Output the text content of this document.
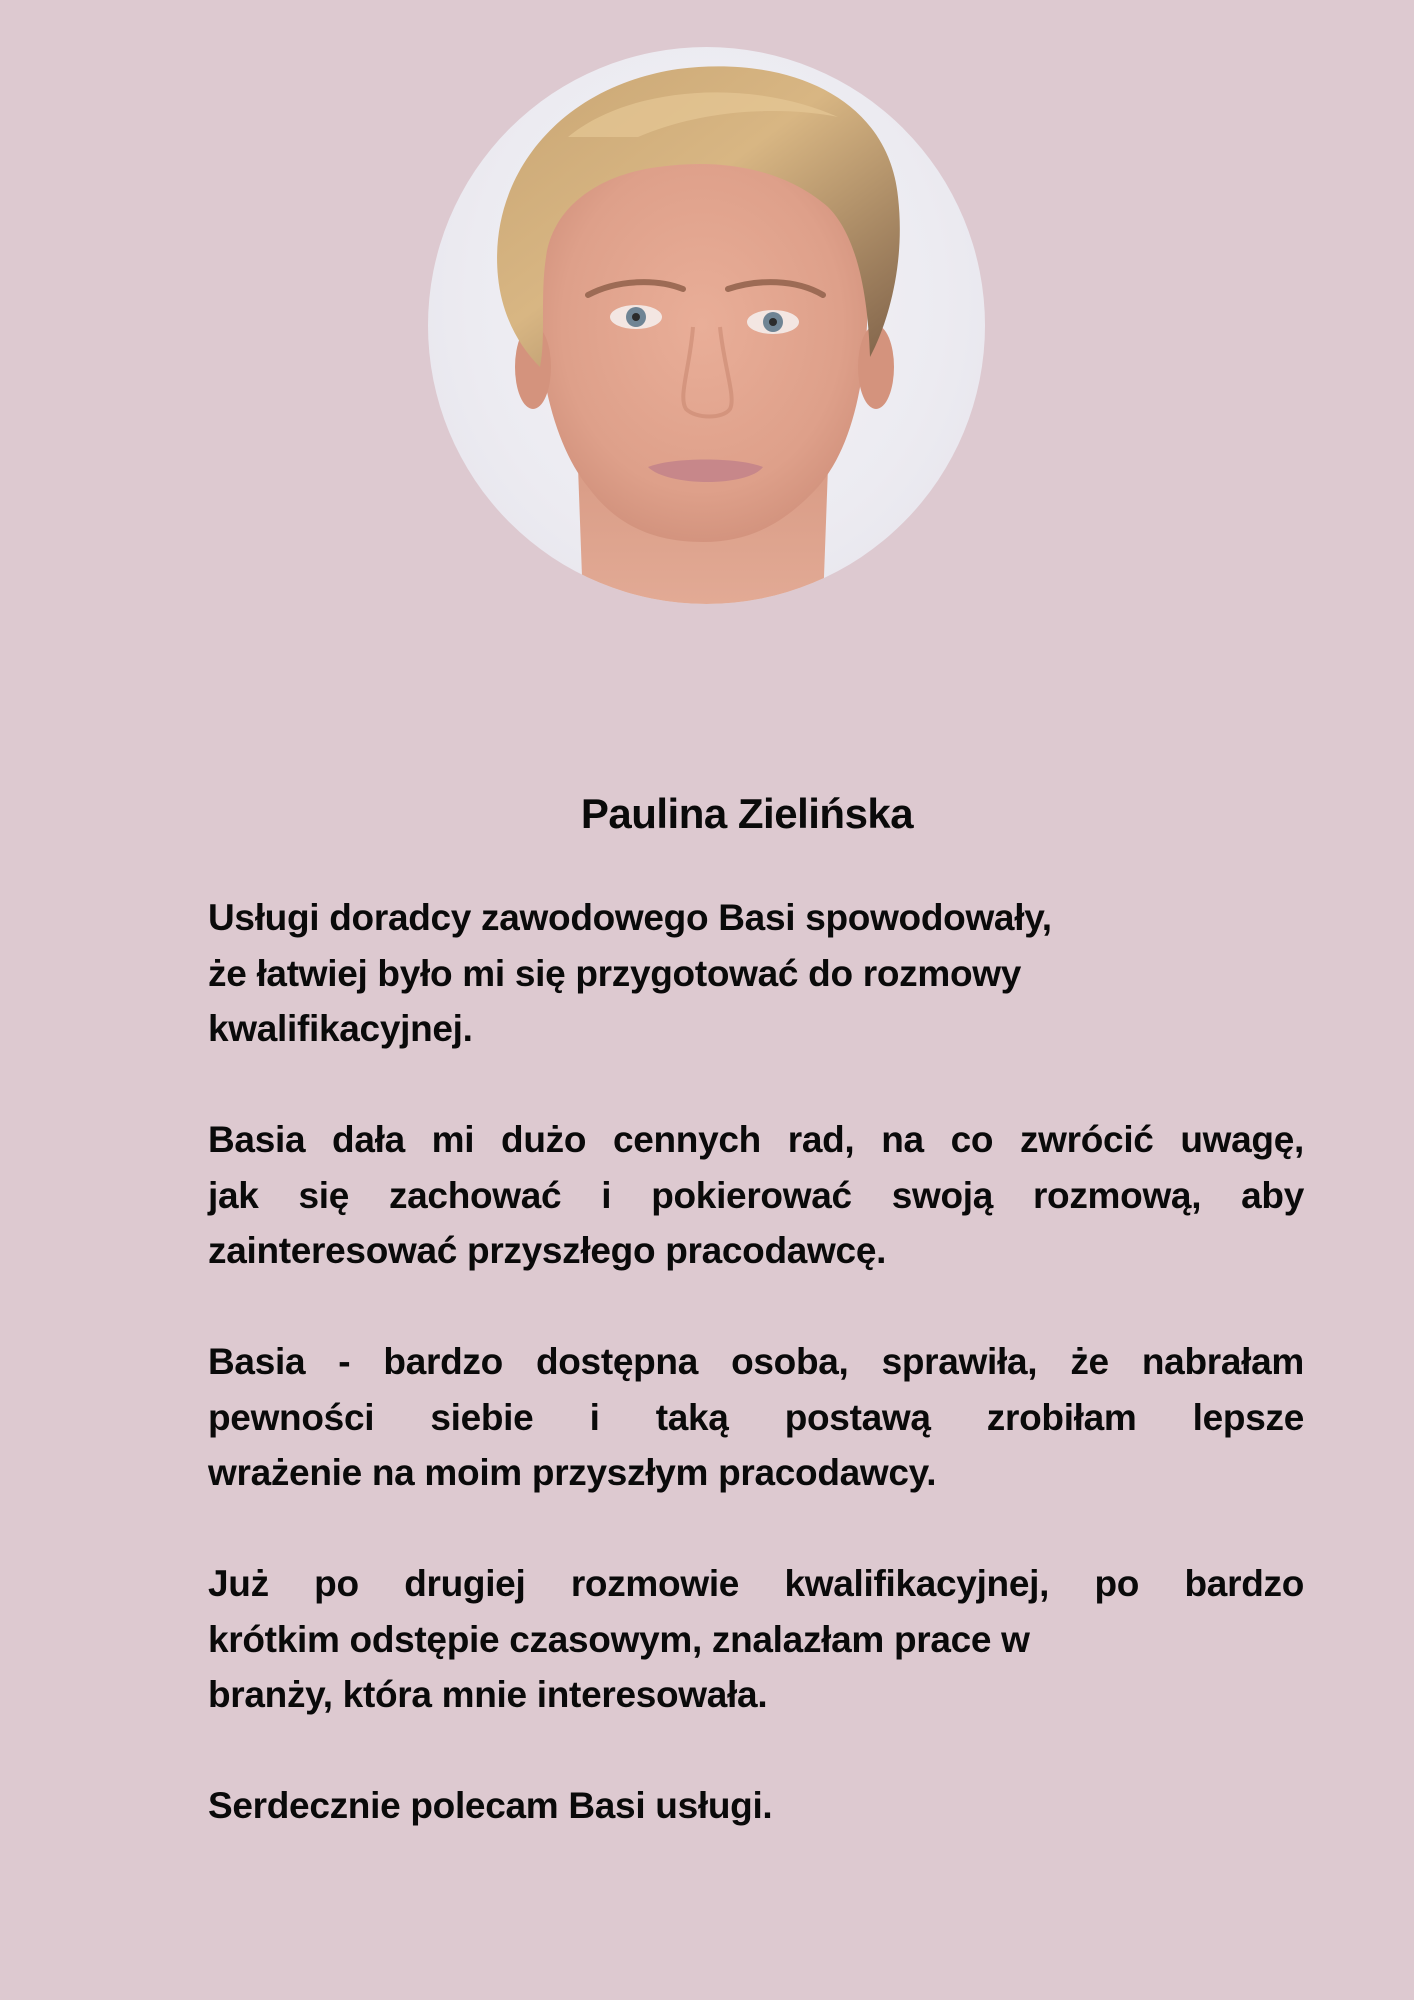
Paulina Zielińska

Usługi doradcy zawodowego Basi spowodowały,
że łatwiej było mi się przygotować do rozmowy
kwalifikacyjnej.

Basia dała mi dużo cennych rad, na co zwrócić uwagę,
jak się zachować i pokierować swoją rozmową, aby
zainteresować przyszłego pracodawcę.

Basia - bardzo dostępna osoba, sprawiła, że nabrałam
pewności siebie i taką postawą zrobiłam lepsze
wrażenie na moim przyszłym pracodawcy.

Już po drugiej rozmowie kwalifikacyjnej, po bardzo
krótkim odstępie czasowym, znalazłam prace w
branży, która mnie interesowała.

Serdecznie polecam Basi usługi.
